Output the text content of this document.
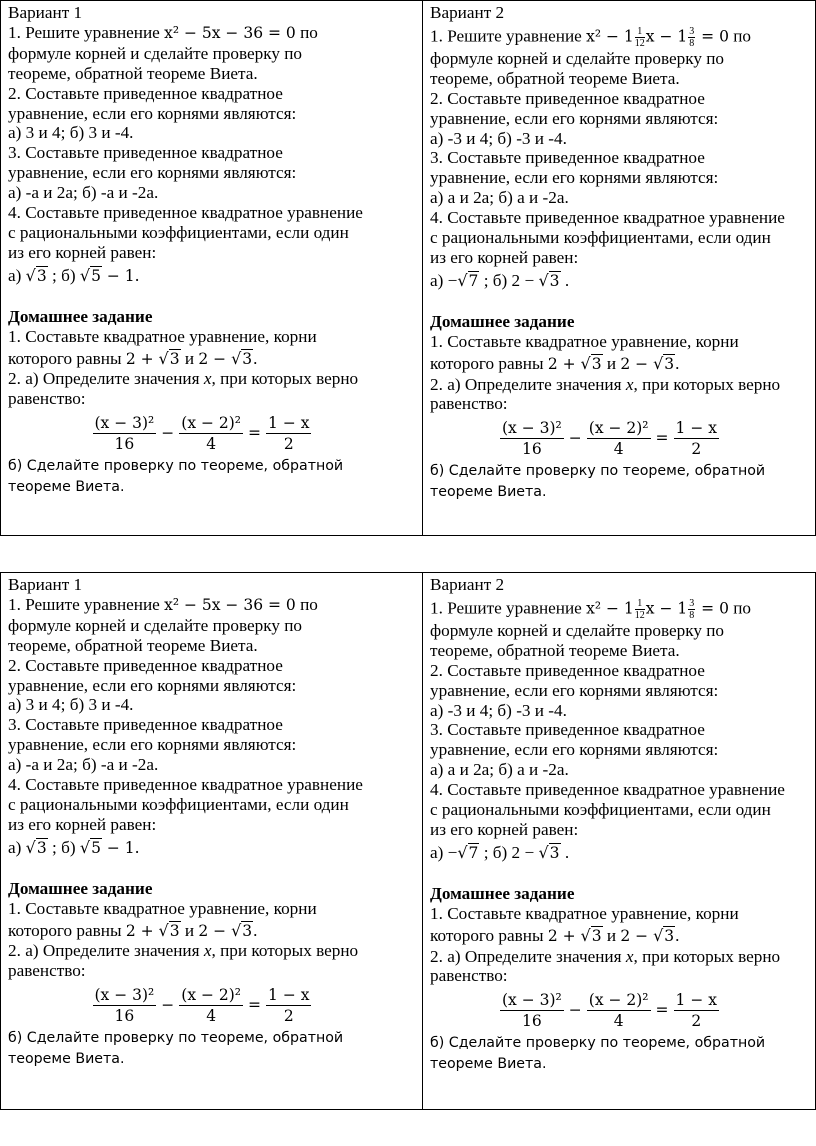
Вариант 1
1. Решите уравнение x² − 5x − 36 = 0 по
формуле корней и сделайте проверку по
теореме, обратной теореме Виета.
2. Составьте приведенное квадратное
уравнение, если его корнями являются:
а) 3 и 4; б) 3 и -4.
3. Составьте приведенное квадратное
уравнение, если его корнями являются:
а) -а и 2а; б) -а и -2а.
4. Составьте приведенное квадратное уравнение
с рациональными коэффициентами, если один
из его корней равен:
а) √3 ; б) √5 − 1.
Домашнее задание
1. Составьте квадратное уравнение, корни
которого равны 2 + √3 и 2 − √3.
2. а) Определите значения x, при которых верно
равенство:
$\frac{\text{(x − 3)²}}{16} - \frac{\text{(x − 2)²}}{4} = \frac{1 - x}{2}$
б) Сделайте проверку по теореме, обратной
теореме Виета.

Вариант 2
1. Решите уравнение $x^2 - 1 \frac{1}{12}$ $x - 1 \frac{3}{8} = 0$ по
формуле корней и сделайте проверку по
теореме, обратной теореме Виета.
2. Составьте приведенное квадратное
уравнение, если его корнями являются:
а) -3 и 4; б) -3 и -4.
3. Составьте приведенное квадратное
уравнение, если его корнями являются:
а) а и 2а; б) а и -2а.
4. Составьте приведенное квадратное уравнение
с рациональными коэффициентами, если один
из его корней равен:
а) −√7 ; б) 2 − √3 .
Домашнее задание
1. Составьте квадратное уравнение, корни
которого равны 2 + √3 и 2 − √3.
2. а) Определите значения x, при которых верно
равенство:
$\frac{\text{(x − 3)²}}{16} - \frac{\text{(x − 2)²}}{4} = \frac{1 - x}{2}$
б) Сделайте проверку по теореме, обратной
теореме Виета.
Вариант 1
1. Решите уравнение x² − 5x − 36 = 0 по
формуле корней и сделайте проверку по
теореме, обратной теореме Виета.
2. Составьте приведенное квадратное
уравнение, если его корнями являются:
а) 3 и 4; б) 3 и -4.
3. Составьте приведенное квадратное
уравнение, если его корнями являются:
а) -а и 2а; б) -а и -2а.
4. Составьте приведенное квадратное уравнение
с рациональными коэффициентами, если один
из его корней равен:
а) √3 ; б) √5 − 1.
Домашнее задание
1. Составьте квадратное уравнение, корни
которого равны 2 + √3 и 2 − √3.
2. а) Определите значения x, при которых верно
равенство:
$\frac{\text{(x − 3)²}}{16} - \frac{\text{(x − 2)²}}{4} = \frac{1 - x}{2}$
б) Сделайте проверку по теореме, обратной
теореме Виета.

Вариант 2
1. Решите уравнение $x^2 - 1 \frac{1}{12}$ $x - 1 \frac{3}{8} = 0$ по
формуле корней и сделайте проверку по
теореме, обратной теореме Виета.
2. Составьте приведенное квадратное
уравнение, если его корнями являются:
а) -3 и 4; б) -3 и -4.
3. Составьте приведенное квадратное
уравнение, если его корнями являются:
а) а и 2а; б) а и -2а.
4. Составьте приведенное квадратное уравнение
с рациональными коэффициентами, если один
из его корней равен:
а) −√7 ; б) 2 − √3 .
Домашнее задание
1. Составьте квадратное уравнение, корни
которого равны 2 + √3 и 2 − √3.
2. а) Определите значения x, при которых верно
равенство:
$\frac{\text{(x − 3)²}}{16} - \frac{\text{(x − 2)²}}{4} = \frac{1 - x}{2}$
б) Сделайте проверку по теореме, обратной
теореме Виета.
